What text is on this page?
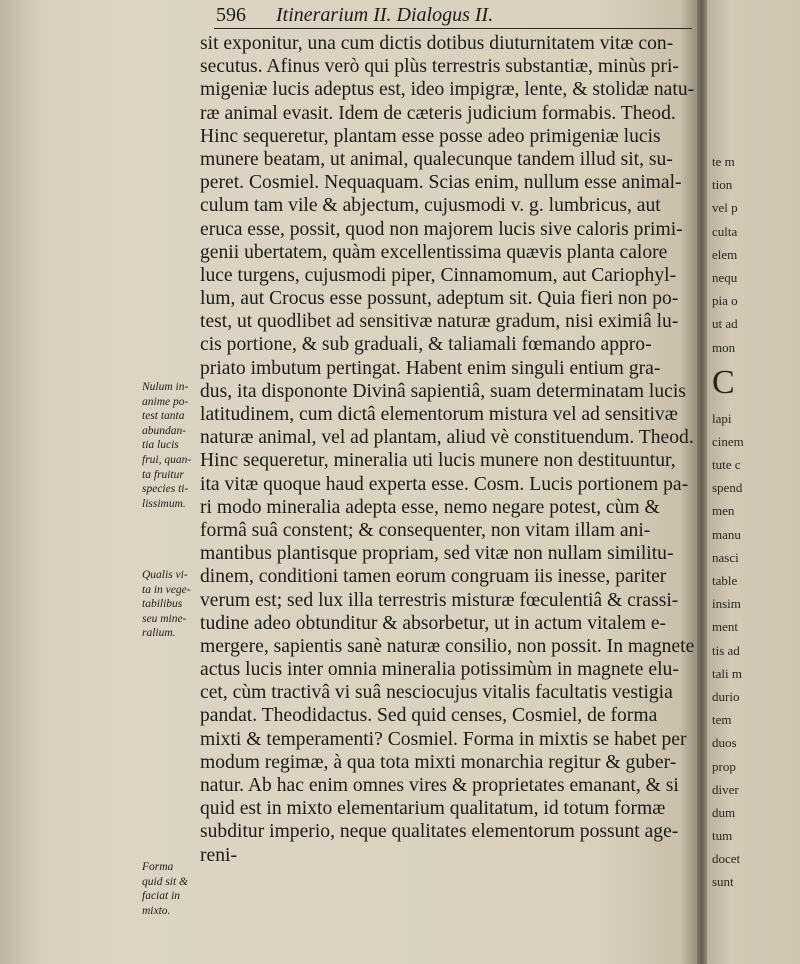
596 Itinerarium II. Dialogus II.
sit exponitur, una cum dictis dotibus diuturnitatem vitæ con-
secutus. Afinus verò qui plùs terrestris substantiæ, minùs pri-
migeniæ lucis adeptus est, ideo impigræ, lente, & stolidæ natu-
ræ animal evasit. Idem de cæteris judicium formabis. Theod.
Hinc sequeretur, plantam esse posse adeo primigeniæ lucis
munere beatam, ut animal, qualecunque tandem illud sit, su-
peret. Cosmiel. Nequaquam. Scias enim, nullum esse animal-
culum tam vile & abjectum, cujusmodi v. g. lumbricus, aut
eruca esse, possit, quod non majorem lucis sive caloris primi-
genii ubertatem, quàm excellentissima quævis planta calore
luce turgens, cujusmodi piper, Cinnamomum, aut Cariophyl-
lum, aut Crocus esse possunt, adeptum sit. Quia fieri non po-
test, ut quodlibet ad sensitivæ naturæ gradum, nisi eximiâ lu-
cis portione, & sub graduali, & taliamali fœmando appro-
priato imbutum pertingat. Habent enim singuli entium gra-
dus, ita dispononte Divinâ sapientiâ, suam determinatam lucis
latitudinem, cum dictâ elementorum mistura vel ad sensitivæ
naturæ animal, vel ad plantam, aliud vè constituendum. Theod.
Hinc sequeretur, mineralia uti lucis munere non destituuntur,
ita vitæ quoque haud experta esse. Cosm. Lucis portionem pa-
ri modo mineralia adepta esse, nemo negare potest, cùm &
formâ suâ constent; & consequenter, non vitam illam ani-
mantibus plantisque propriam, sed vitæ non nullam similitu-
dinem, conditioni tamen eorum congruam iis inesse, pariter
verum est; sed lux illa terrestris misturæ fœculentiâ & crassi-
tudine adeo obtunditur & absorbetur, ut in actum vitalem e-
mergere, sapientis sanè naturæ consilio, non possit. In magnete
actus lucis inter omnia mineralia potissimùm in magnete elu-
cet, cùm tractivâ vi suâ nesciocujus vitalis facultatis vestigia
pandat. Theodidactus. Sed quid censes, Cosmiel, de forma
mixti & temperamenti? Cosmiel. Forma in mixtis se habet per
modum regimæ, à qua tota mixti monarchia regitur & guber-
natur. Ab hac enim omnes vires & proprietates emanant, & si
quid est in mixto elementarium qualitatum, id totum formæ
subditur imperio, neque qualitates elementorum possunt age-
reni-
Nulum in-
anime po-
test tanta
abundan-
tia lucis
frui, quan-
ta fruitur
species ti-
lissimum.
Qualis vi-
ta in vege-
tabilibus
seu mine-
ralium.
Forma
quid sit &
faciat in
mixto.
te m
tion
vel p
culta
elem
nequ
pia o
ut ad
mon
C
lapi
cinem
tute c
spend
men
manu
nasci
table
insim
ment
tis ad
tali m
durio
tem
duos
prop
diver
dum
tum
docet
sunt
